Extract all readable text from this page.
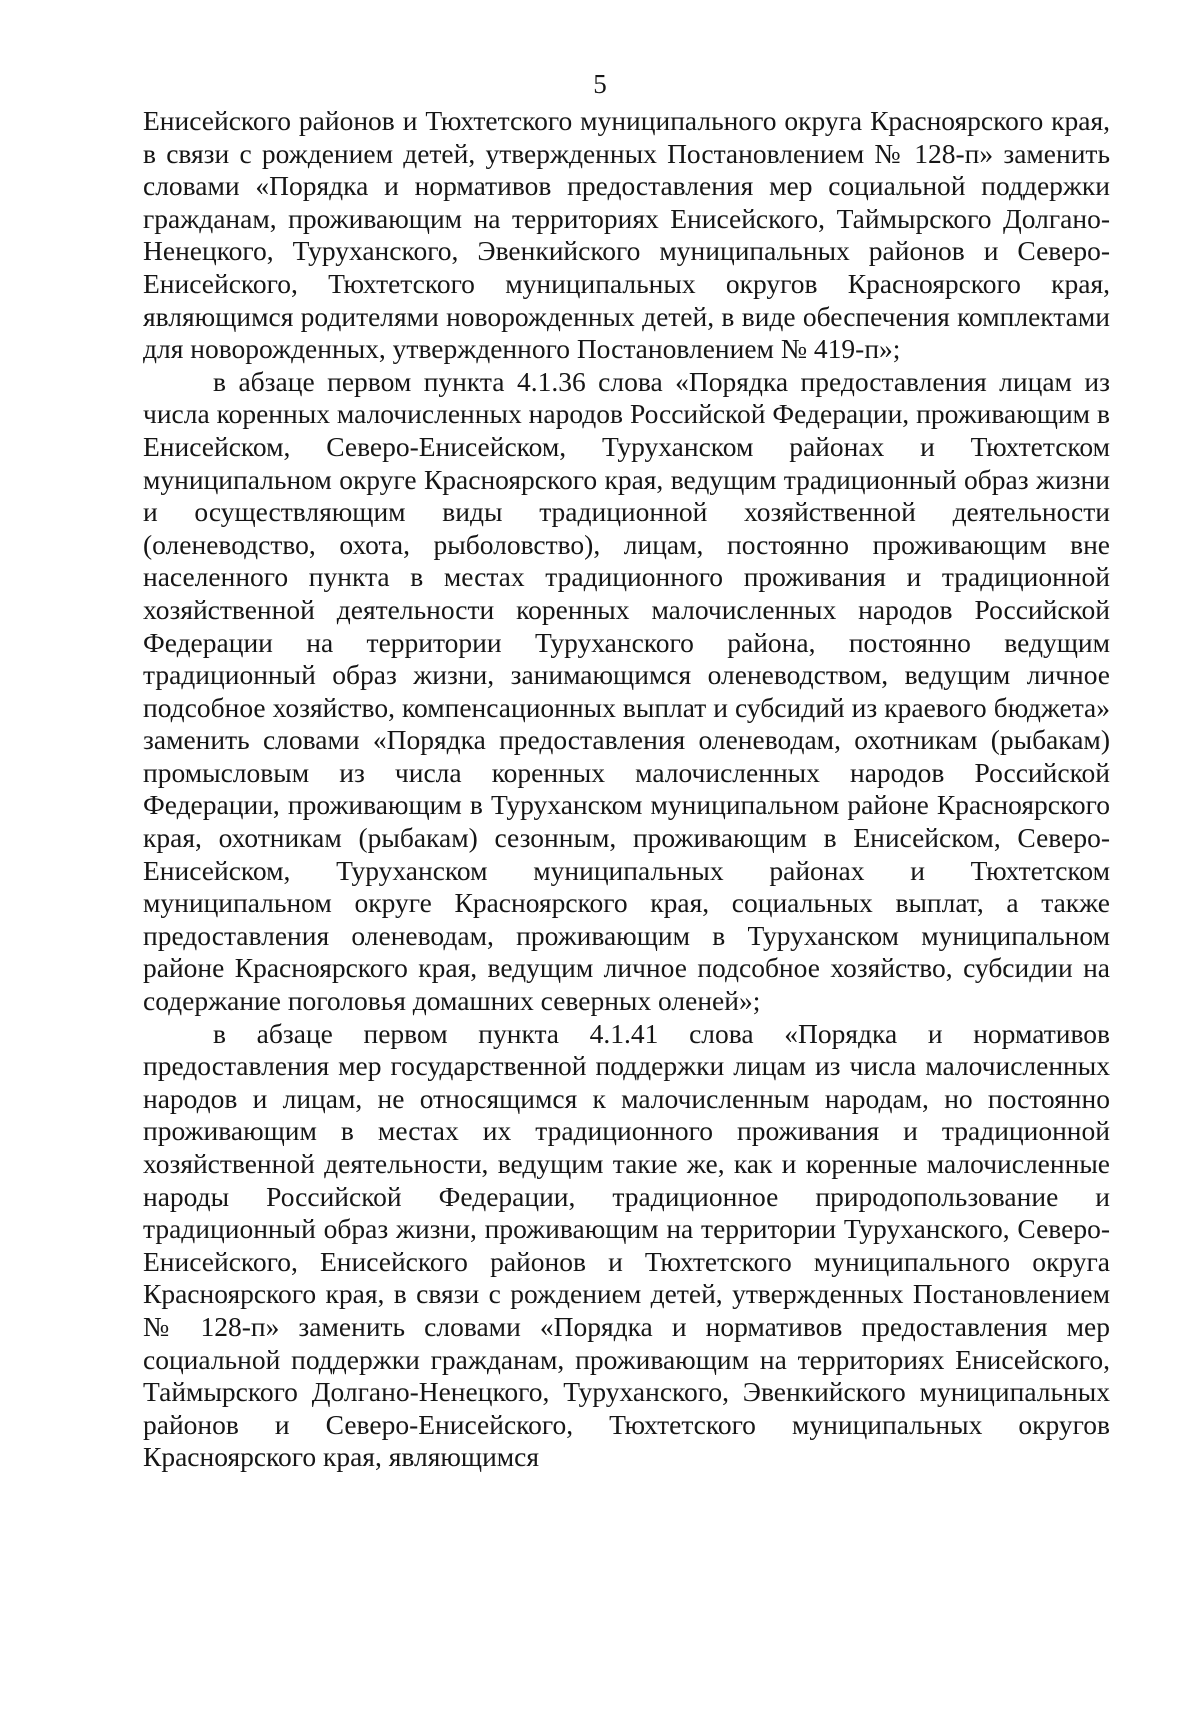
5

Енисейского районов и Тюхтетского муниципального округа Красноярского края, в связи с рождением детей, утвержденных Постановлением № 128-п» заменить словами «Порядка и нормативов предоставления мер социальной поддержки гражданам, проживающим на территориях Енисейского, Таймырского Долгано-Ненецкого, Туруханского, Эвенкийского муниципальных районов и Северо-Енисейского, Тюхтетского муниципальных округов Красноярского края, являющимся родителями новорожденных детей, в виде обеспечения комплектами для новорожденных, утвержденного Постановлением № 419-п»;

в абзаце первом пункта 4.1.36 слова «Порядка предоставления лицам из числа коренных малочисленных народов Российской Федерации, проживающим в Енисейском, Северо-Енисейском, Туруханском районах и Тюхтетском муниципальном округе Красноярского края, ведущим традиционный образ жизни и осуществляющим виды традиционной хозяйственной деятельности (оленеводство, охота, рыболовство), лицам, постоянно проживающим вне населенного пункта в местах традиционного проживания и традиционной хозяйственной деятельности коренных малочисленных народов Российской Федерации на территории Туруханского района, постоянно ведущим традиционный образ жизни, занимающимся оленеводством, ведущим личное подсобное хозяйство, компенсационных выплат и субсидий из краевого бюджета» заменить словами «Порядка предоставления оленеводам, охотникам (рыбакам) промысловым из числа коренных малочисленных народов Российской Федерации, проживающим в Туруханском муниципальном районе Красноярского края, охотникам (рыбакам) сезонным, проживающим в Енисейском, Северо-Енисейском, Туруханском муниципальных районах и Тюхтетском муниципальном округе Красноярского края, социальных выплат, а также предоставления оленеводам, проживающим в Туруханском муниципальном районе Красноярского края, ведущим личное подсобное хозяйство, субсидии на содержание поголовья домашних северных оленей»;

в абзаце первом пункта 4.1.41 слова «Порядка и нормативов предоставления мер государственной поддержки лицам из числа малочисленных народов и лицам, не относящимся к малочисленным народам, но постоянно проживающим в местах их традиционного проживания и традиционной хозяйственной деятельности, ведущим такие же, как и коренные малочисленные народы Российской Федерации, традиционное природопользование и традиционный образ жизни, проживающим на территории Туруханского, Северо-Енисейского, Енисейского районов и Тюхтетского муниципального округа Красноярского края, в связи с рождением детей, утвержденных Постановлением № 128-п» заменить словами «Порядка и нормативов предоставления мер социальной поддержки гражданам, проживающим на территориях Енисейского, Таймырского Долгано-Ненецкого, Туруханского, Эвенкийского муниципальных районов и Северо-Енисейского, Тюхтетского муниципальных округов Красноярского края, являющимся
